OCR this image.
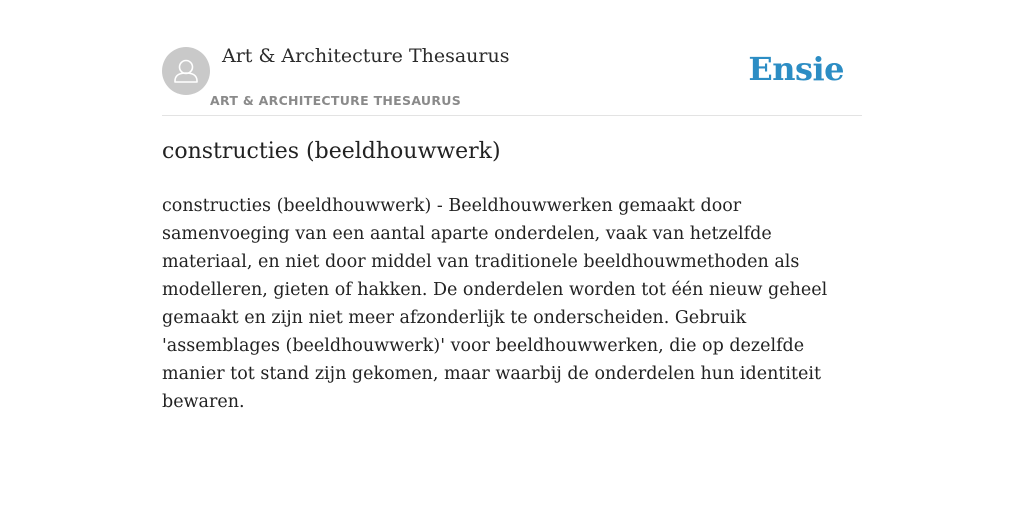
Art & Architecture Thesaurus
ART & ARCHITECTURE THESAURUS
Ensie
constructies (beeldhouwwerk)

constructies (beeldhouwwerk) - Beeldhouwwerken gemaakt door samenvoeging van een aantal aparte onderdelen, vaak van hetzelfde materiaal, en niet door middel van traditionele beeldhouwmethoden als modelleren, gieten of hakken. De onderdelen worden tot één nieuw geheel gemaakt en zijn niet meer afzonderlijk te onderscheiden. Gebruik 'assemblages (beeldhouwwerk)' voor beeldhouwwerken, die op dezelfde manier tot stand zijn gekomen, maar waarbij de onderdelen hun identiteit bewaren.
